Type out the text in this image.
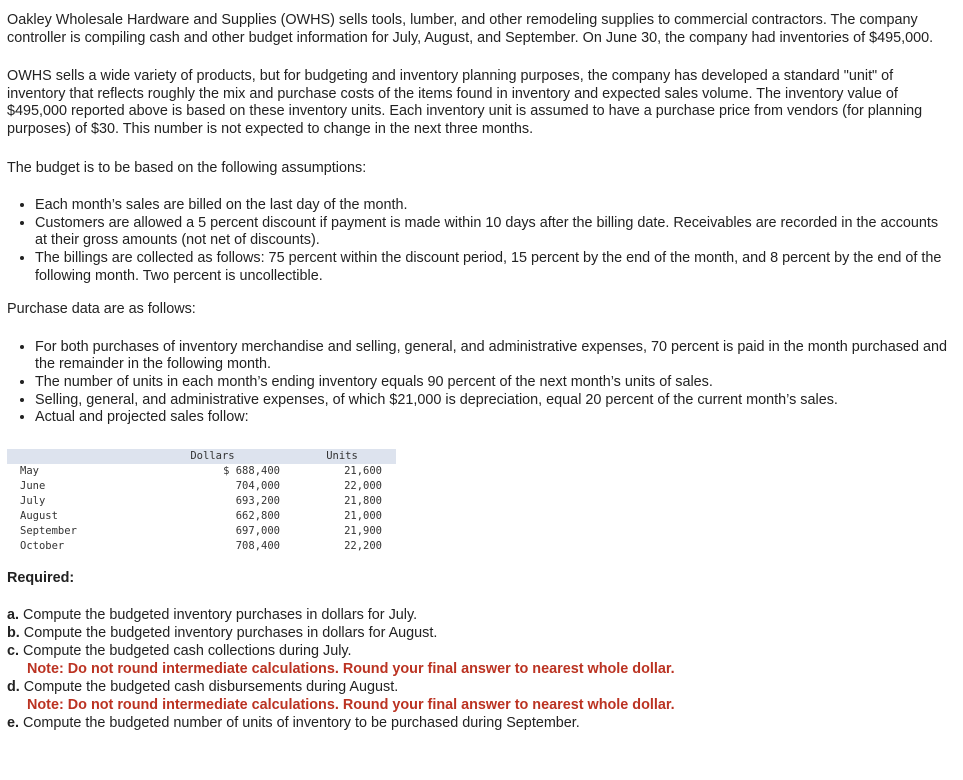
Oakley Wholesale Hardware and Supplies (OWHS) sells tools, lumber, and other remodeling supplies to commercial contractors. The company controller is compiling cash and other budget information for July, August, and September. On June 30, the company had inventories of $495,000.

OWHS sells a wide variety of products, but for budgeting and inventory planning purposes, the company has developed a standard "unit" of inventory that reflects roughly the mix and purchase costs of the items found in inventory and expected sales volume. The inventory value of $495,000 reported above is based on these inventory units. Each inventory unit is assumed to have a purchase price from vendors (for planning purposes) of $30. This number is not expected to change in the next three months.

The budget is to be based on the following assumptions:

• Each month’s sales are billed on the last day of the month.
• Customers are allowed a 5 percent discount if payment is made within 10 days after the billing date. Receivables are recorded in the accounts at their gross amounts (not net of discounts).
• The billings are collected as follows: 75 percent within the discount period, 15 percent by the end of the month, and 8 percent by the end of the following month. Two percent is uncollectible.

Purchase data are as follows:

• For both purchases of inventory merchandise and selling, general, and administrative expenses, 70 percent is paid in the month purchased and the remainder in the following month.
• The number of units in each month’s ending inventory equals 90 percent of the next month’s units of sales.
• Selling, general, and administrative expenses, of which $21,000 is depreciation, equal 20 percent of the current month’s sales.
• Actual and projected sales follow:
	Dollars	Units
May	$ 688,400	21,600
June	704,000	22,000
July	693,200	21,800
August	662,800	21,000
September	697,000	21,900
October	708,400	22,200

Required:

a. Compute the budgeted inventory purchases in dollars for July.

b. Compute the budgeted inventory purchases in dollars for August.

c. Compute the budgeted cash collections during July.

Note: Do not round intermediate calculations. Round your final answer to nearest whole dollar.

d. Compute the budgeted cash disbursements during August.

Note: Do not round intermediate calculations. Round your final answer to nearest whole dollar.

e. Compute the budgeted number of units of inventory to be purchased during September.
